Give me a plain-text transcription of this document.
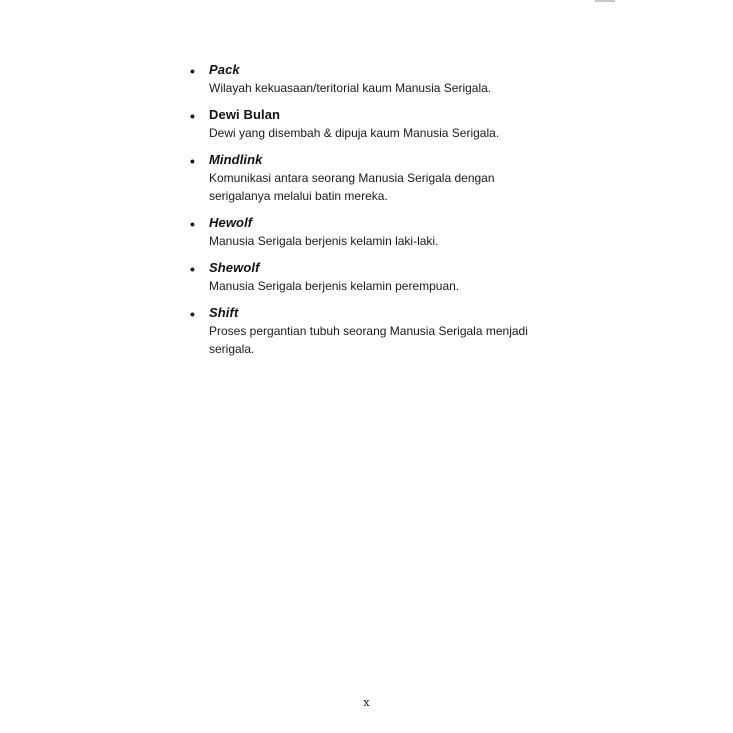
• Pack
Wilayah kekuasaan/teritorial kaum Manusia Serigala.
• Dewi Bulan
Dewi yang disembah & dipuja kaum Manusia Serigala.
• Mindlink
Komunikasi antara seorang Manusia Serigala dengan
serigalanya melalui batin mereka.
• Hewolf
Manusia Serigala berjenis kelamin laki-laki.
• Shewolf
Manusia Serigala berjenis kelamin perempuan.
• Shift
Proses pergantian tubuh seorang Manusia Serigala menjadi
serigala.
x
